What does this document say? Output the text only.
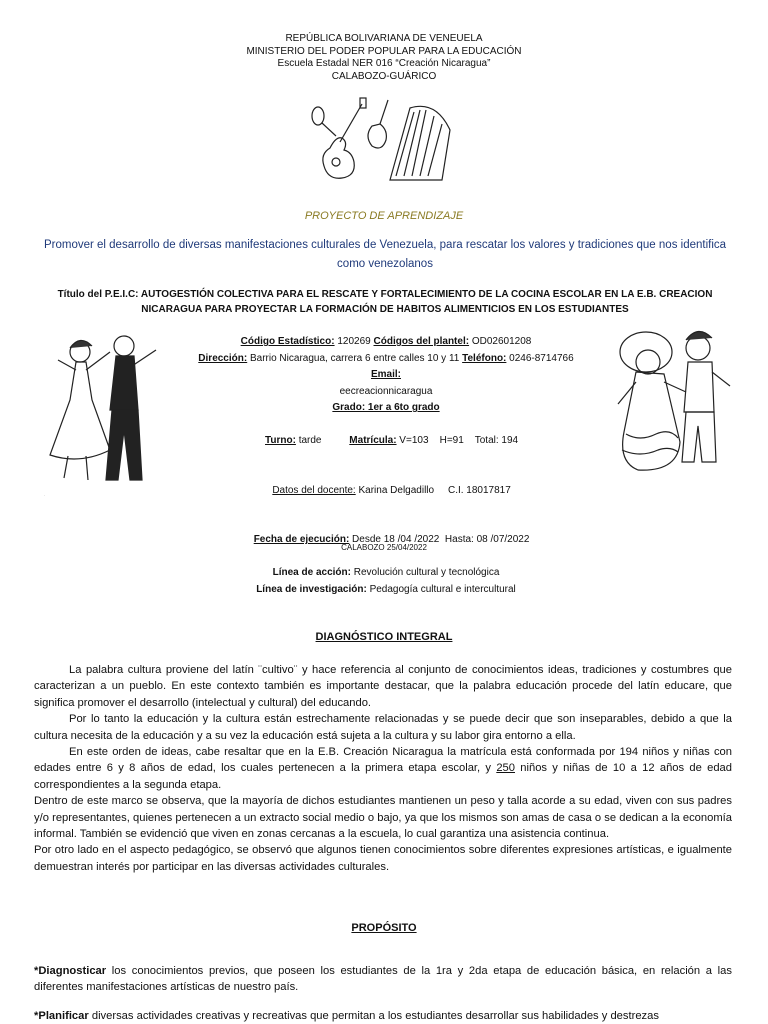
REPÚBLICA BOLIVARIANA DE VENEUELA
MINISTERIO DEL PODER POPULAR PARA LA EDUCACIÓN
Escuela Estadal NER 016 “Creación Nicaragua”
CALABOZO-GUÁRICO
PROYECTO DE APRENDIZAJE
Promover el desarrollo de diversas manifestaciones culturales de Venezuela, para rescatar los valores y tradiciones que nos identifica como venezolanos
Título del P.E.I.C: AUTOGESTIÓN COLECTIVA PARA EL RESCATE Y FORTALECIMIENTO DE LA COCINA ESCOLAR EN LA E.B. CREACION NICARAGUA PARA PROYECTAR LA FORMACIÓN DE HABITOS ALIMENTICIOS EN LOS ESTUDIANTES
.
Código Estadístico: 120269 Códigos del plantel: OD02601208
Dirección: Barrio Nicaragua, carrera 6 entre calles 10 y 11 Teléfono: 0246-8714766
Email:
eecreacionnicaragua
Grado: 1er a 6to grado

Turno: tarde	Matrícula: V=103    H=91    Total: 194

Datos del docente: Karina Delgadillo     C.I. 18017817

Fecha de ejecución: Desde 18 /04 /2022  Hasta: 08 /07/2022

Línea de acción: Revolución cultural y tecnológica
Línea de investigación: Pedagogía cultural e intercultural
CALABOZO 25/04/2022
DIAGNÓSTICO INTEGRAL

La palabra cultura proviene del latín ¨cultivo¨ y hace referencia al conjunto de conocimientos ideas, tradiciones y costumbres que caracterizan a un pueblo. En este contexto también es importante destacar, que la palabra educación procede del latín educare, que significa promover el desarrollo (intelectual y cultural) del educando.

Por lo tanto la educación y la cultura están estrechamente relacionadas y se puede decir que son inseparables, debido a que la cultura necesita de la educación y a su vez la educación está sujeta a la cultura y su labor gira entorno a ella.

En este orden de ideas, cabe resaltar que en la E.B. Creación Nicaragua la matrícula está conformada por 194 niños y niñas con edades entre 6 y 8 años de edad, los cuales pertenecen a la primera etapa escolar, y 250 niños y niñas de 10 a 12 años de edad correspondientes a la segunda etapa.

Dentro de este marco se observa, que la mayoría de dichos estudiantes mantienen un peso y talla acorde a su edad, viven con sus padres y/o representantes, quienes pertenecen a un extracto social medio o bajo, ya que los mismos son amas de casa o se dedican a la economía informal. También se evidenció que viven en zonas cercanas a la escuela, lo cual garantiza una asistencia continua.

Por otro lado en el aspecto pedagógico, se observó que algunos tienen conocimientos sobre diferentes expresiones artísticas, e igualmente demuestran interés por participar en las diversas actividades culturales.

PROPÓSITO

*Diagnosticar los conocimientos previos, que poseen los estudiantes de la 1ra y 2da etapa de educación básica, en relación a las diferentes manifestaciones artísticas de nuestro país.

*Planificar diversas actividades creativas y recreativas que permitan a los estudiantes desarrollar sus habilidades y destrezas
